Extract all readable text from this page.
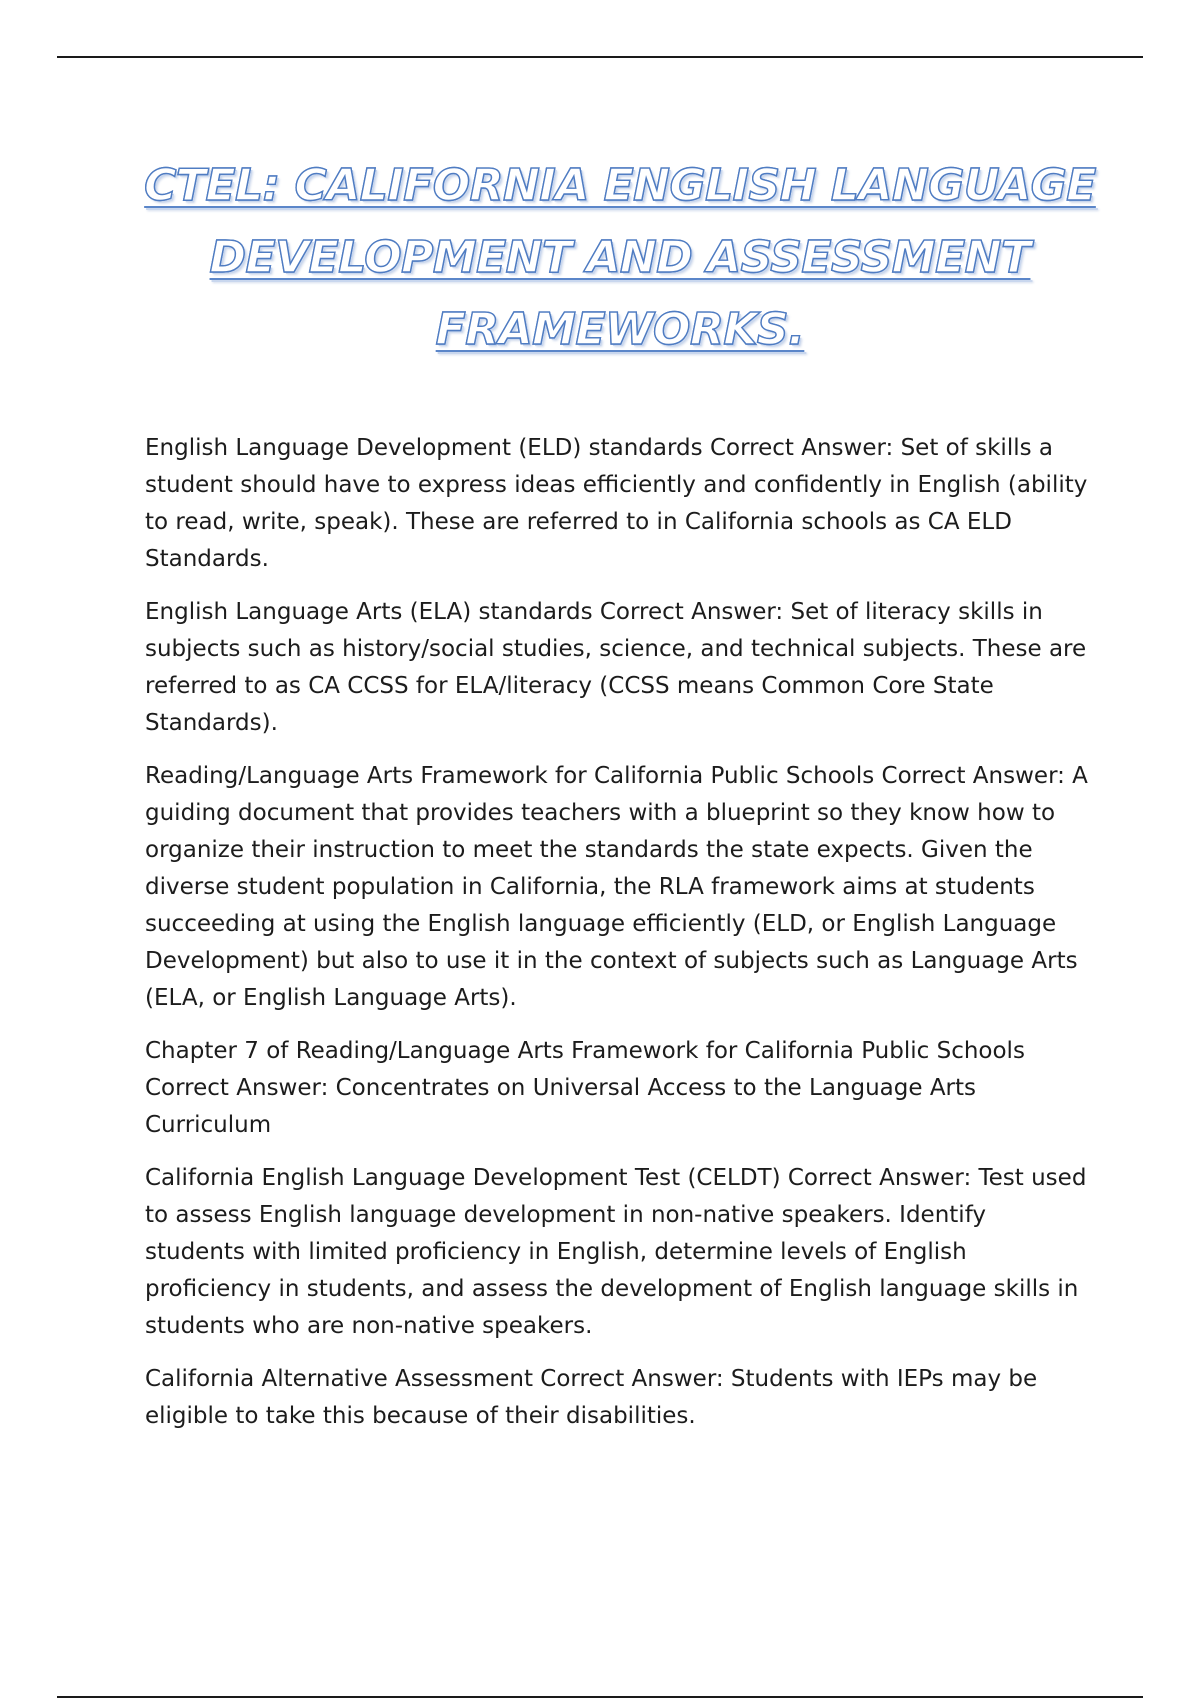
CTEL: CALIFORNIA ENGLISH LANGUAGE DEVELOPMENT AND ASSESSMENT FRAMEWORKS.

English Language Development (ELD) standards Correct Answer: Set of skills a student should have to express ideas efficiently and confidently in English (ability to read, write, speak). These are referred to in California schools as CA ELD Standards.

English Language Arts (ELA) standards Correct Answer: Set of literacy skills in subjects such as history/social studies, science, and technical subjects. These are referred to as CA CCSS for ELA/literacy (CCSS means Common Core State Standards).

Reading/Language Arts Framework for California Public Schools Correct Answer: A guiding document that provides teachers with a blueprint so they know how to organize their instruction to meet the standards the state expects. Given the diverse student population in California, the RLA framework aims at students succeeding at using the English language efficiently (ELD, or English Language Development) but also to use it in the context of subjects such as Language Arts (ELA, or English Language Arts).

Chapter 7 of Reading/Language Arts Framework for California Public Schools Correct Answer: Concentrates on Universal Access to the Language Arts Curriculum

California English Language Development Test (CELDT) Correct Answer: Test used to assess English language development in non-native speakers. Identify students with limited proficiency in English, determine levels of English proficiency in students, and assess the development of English language skills in students who are non-native speakers.

California Alternative Assessment Correct Answer: Students with IEPs may be eligible to take this because of their disabilities.
